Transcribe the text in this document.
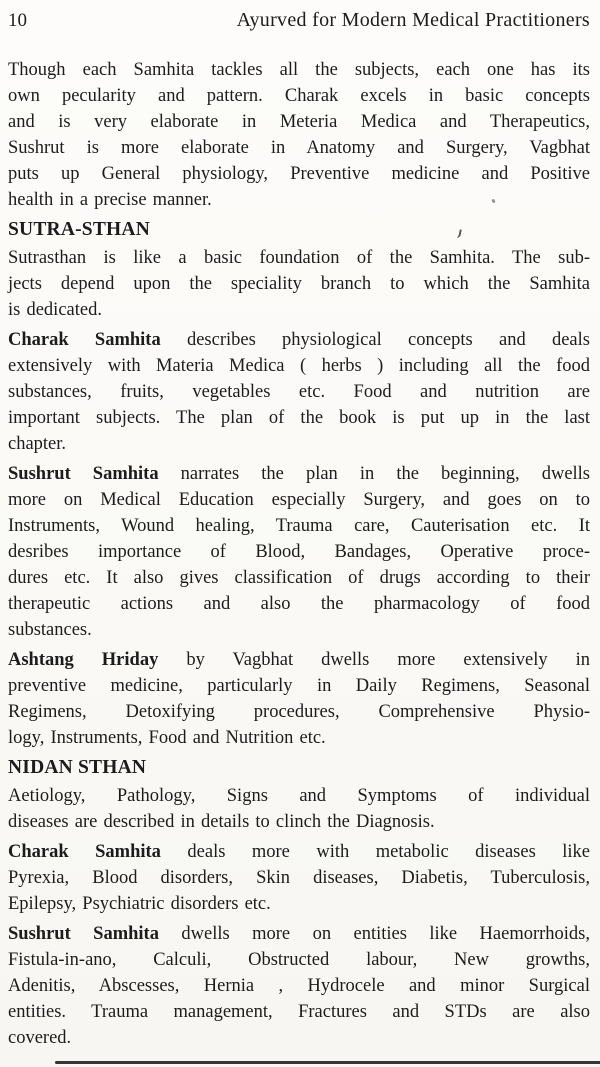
10	Ayurved for Modern Medical Practitioners
Though each Samhita tackles all the subjects, each one has its
own pecularity and pattern. Charak excels in basic concepts
and is very elaborate in Meteria Medica and Therapeutics,
Sushrut is more elaborate in Anatomy and Surgery, Vagbhat
puts up General physiology, Preventive medicine and Positive
health in a precise manner.
SUTRA-STHAN
Sutrasthan is like a basic foundation of the Samhita. The sub-
jects depend upon the speciality branch to which the Samhita
is dedicated.
Charak Samhita describes physiological concepts and deals
extensively with Materia Medica ( herbs ) including all the food
substances, fruits, vegetables etc. Food and nutrition are
important subjects. The plan of the book is put up in the last
chapter.
Sushrut Samhita narrates the plan in the beginning, dwells
more on Medical Education especially Surgery, and goes on to
Instruments, Wound healing, Trauma care, Cauterisation etc. It
desribes importance of Blood, Bandages, Operative proce-
dures etc. It also gives classification of drugs according to their
therapeutic actions and also the pharmacology of food
substances.
Ashtang Hriday by Vagbhat dwells more extensively in
preventive medicine, particularly in Daily Regimens, Seasonal
Regimens, Detoxifying procedures, Comprehensive Physio-
logy, Instruments, Food and Nutrition etc.
NIDAN STHAN
Aetiology, Pathology, Signs and Symptoms of individual
diseases are described in details to clinch the Diagnosis.
Charak Samhita deals more with metabolic diseases like
Pyrexia, Blood disorders, Skin diseases, Diabetis, Tuberculosis,
Epilepsy, Psychiatric disorders etc.
Sushrut Samhita dwells more on entities like Haemorrhoids,
Fistula-in-ano, Calculi, Obstructed labour, New growths,
Adenitis, Abscesses, Hernia , Hydrocele and minor Surgical
entities. Trauma management, Fractures and STDs are also
covered.
